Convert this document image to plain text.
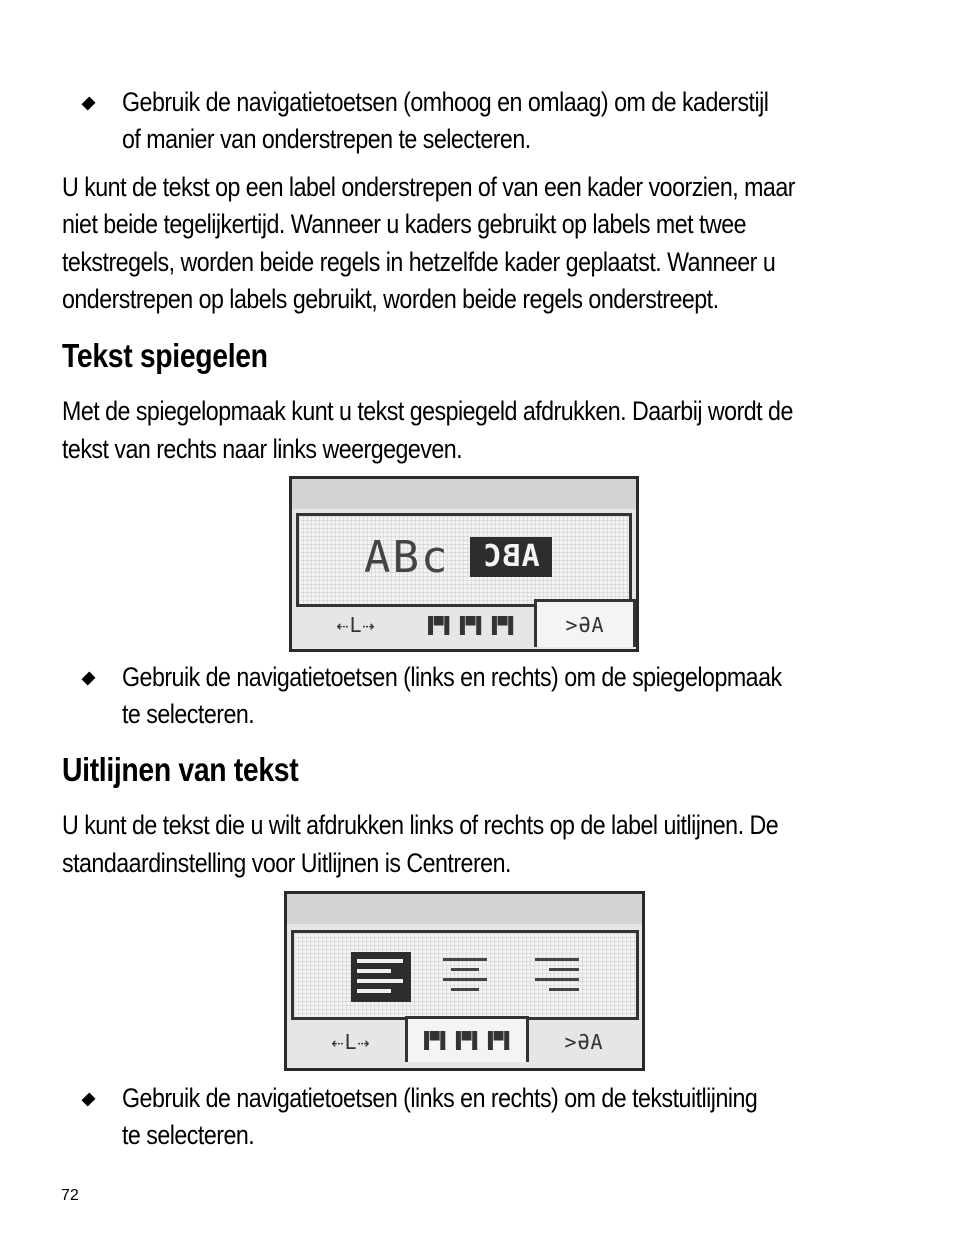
Gebruik de navigatietoetsen (omhoog en omlaag) om de kaderstijl
of manier van onderstrepen te selecteren.
U kunt de tekst op een label onderstrepen of van een kader voorzien, maar
niet beide tegelijkertijd. Wanneer u kaders gebruikt op labels met twee
tekstregels, worden beide regels in hetzelfde kader geplaatst. Wanneer u
onderstrepen op labels gebruikt, worden beide regels onderstreept.
Tekst spiegelen
Met de spiegelopmaak kunt u tekst gespiegeld afdrukken. Daarbij wordt de
tekst van rechts naar links weergegeven.
ABc ABC
⇠L⇢	▐▀▌▐▀▌▐▀▌	>ƏA
Gebruik de navigatietoetsen (links en rechts) om de spiegelopmaak
te selecteren.
Uitlijnen van tekst
U kunt de tekst die u wilt afdrukken links of rechts op de label uitlijnen. De
standaardinstelling voor Uitlijnen is Centreren.
⇠L⇢	▐▀▌▐▀▌▐▀▌	>ƏA
Gebruik de navigatietoetsen (links en rechts) om de tekstuitlijning
te selecteren.
72
